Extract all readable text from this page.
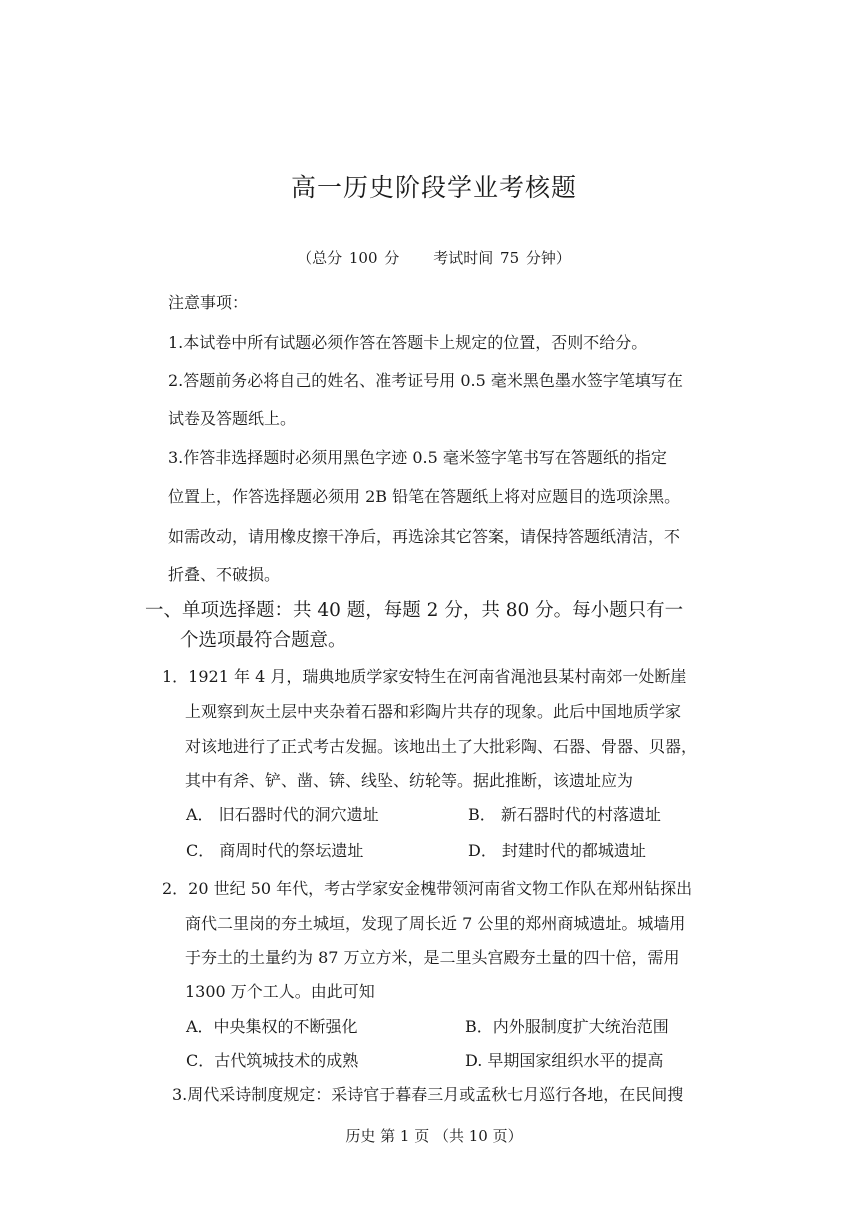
高一历史阶段学业考核题
（总分 100 分 考试时间 75 分钟）
注意事项：
1.本试卷中所有试题必须作答在答题卡上规定的位置，否则不给分。
2.答题前务必将自己的姓名、准考证号用 0.5 毫米黑色墨水签字笔填写在
试卷及答题纸上。
3.作答非选择题时必须用黑色字迹 0.5 毫米签字笔书写在答题纸的指定
位置上，作答选择题必须用 2B 铅笔在答题纸上将对应题目的选项涂黑。
如需改动，请用橡皮擦干净后，再选涂其它答案，请保持答题纸清洁，不
折叠、不破损。
一、单项选择题：共 40 题，每题 2 分，共 80 分。每小题只有一
个选项最符合题意。
1．1921 年 4 月，瑞典地质学家安特生在河南省渑池县某村南郊一处断崖
上观察到灰土层中夹杂着石器和彩陶片共存的现象。此后中国地质学家
对该地进行了正式考古发掘。该地出土了大批彩陶、石器、骨器、贝器，
其中有斧、铲、凿、锛、线坠、纺轮等。据此推断，该遗址应为
A． 旧石器时代的洞穴遗址	B． 新石器时代的村落遗址
C． 商周时代的祭坛遗址	D． 封建时代的都城遗址
2．20 世纪 50 年代，考古学家安金槐带领河南省文物工作队在郑州钻探出
商代二里岗的夯土城垣，发现了周长近 7 公里的郑州商城遗址。城墙用
于夯土的土量约为 87 万立方米，是二里头宫殿夯土量的四十倍，需用
1300 万个工人。由此可知
A．中央集权的不断强化	B．内外服制度扩大统治范围
C．古代筑城技术的成熟	D. 早期国家组织水平的提高
3.周代采诗制度规定：采诗官于暮春三月或孟秋七月巡行各地，在民间搜
历史 第 1 页 （共 10 页）
